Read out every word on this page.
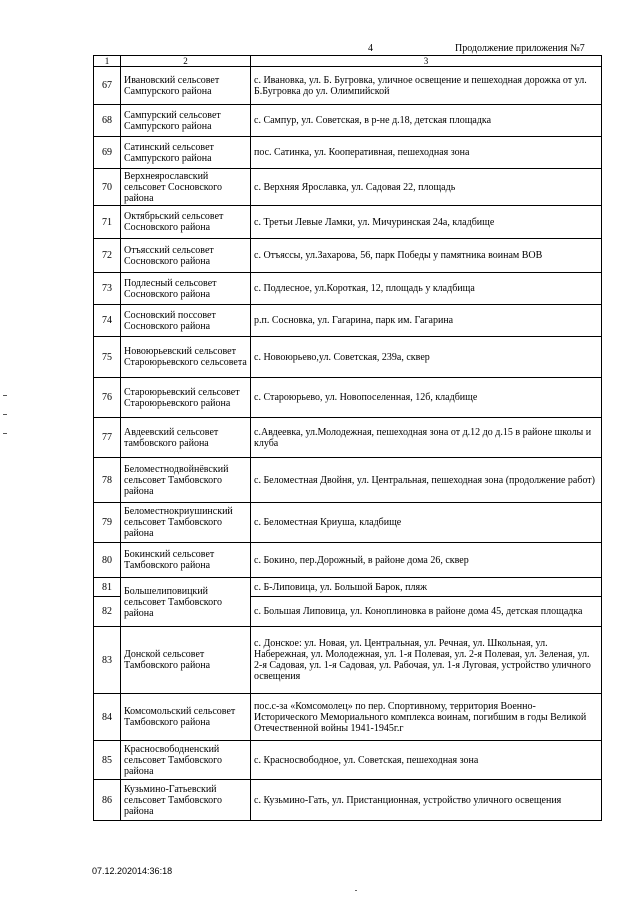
4	Продолжение приложения №7
1	2	3
67	Ивановский сельсовет Сампурского района	с. Ивановка, ул. Б. Бугровка, уличное освещение и пешеходная дорожка от ул. Б.Бугровка до ул. Олимпийской
68	Сампурский сельсовет Сампурского района	с. Сампур, ул. Советская, в р-не д.18, детская площадка
69	Сатинский сельсовет Сампурского района	пос. Сатинка, ул. Кооперативная, пешеходная зона
70	Верхнеярославский сельсовет Сосновского района	с. Верхняя Ярославка, ул. Садовая 22, площадь
71	Октябрьский сельсовет Сосновского района	с. Третьи Левые Ламки, ул. Мичуринская 24а, кладбище
72	Отъясский сельсовет Сосновского района	с. Отъяссы, ул.Захарова, 56, парк Победы у памятника воинам ВОВ
73	Подлесный сельсовет Сосновского района	с. Подлесное, ул.Короткая, 12, площадь у кладбища
74	Сосновский поссовет Сосновского района	р.п. Сосновка, ул. Гагарина, парк им. Гагарина
75	Новоюрьевский сельсовет Староюрьевского сельсовета	с. Новоюрьево,ул. Советская, 239а, сквер
76	Староюрьевский сельсовет Староюрьевского района	с. Староюрьево, ул. Новопоселенная, 12б, кладбище
77	Авдеевский сельсовет тамбовского района	с.Авдеевка, ул.Молодежная, пешеходная зона от д.12 до д.15 в районе школы и клуба
78	Беломестнодвойнёвский сельсовет Тамбовского района	с. Беломестная Двойня, ул. Центральная, пешеходная зона (продолжение работ)
79	Беломестнокриушинский сельсовет Тамбовского района	с. Беломестная Криуша, кладбище
80	Бокинский сельсовет Тамбовского района	с. Бокино, пер.Дорожный, в районе дома 26, сквер
81	Большелиповицкий сельсовет Тамбовского района	с. Б-Липовица, ул. Большой Барок, пляж
82		с. Большая Липовица, ул. Коноплиновка в районе дома 45, детская площадка
83	Донской сельсовет Тамбовского района	с. Донское: ул. Новая, ул. Центральная, ул. Речная, ул. Школьная, ул. Набережная, ул. Молодежная, ул. 1-я Полевая, ул. 2-я Полевая, ул. Зеленая, ул. 2-я Садовая, ул. 1-я Садовая, ул. Рабочая, ул. 1-я Луговая, устройство уличного освещения
84	Комсомольский сельсовет Тамбовского района	пос.с-за «Комсомолец» по пер. Спортивному, территория Военно-Исторического Мемориального комплекса воинам, погибшим в годы Великой Отечественной войны 1941-1945г.г
85	Красносвободненский сельсовет Тамбовского района	с. Красносвободное, ул. Советская, пешеходная зона
86	Кузьмино-Гатьевский сельсовет Тамбовского района	с. Кузьмино-Гать, ул. Пристанционная, устройство уличного освещения
07.12.202014:36:18
